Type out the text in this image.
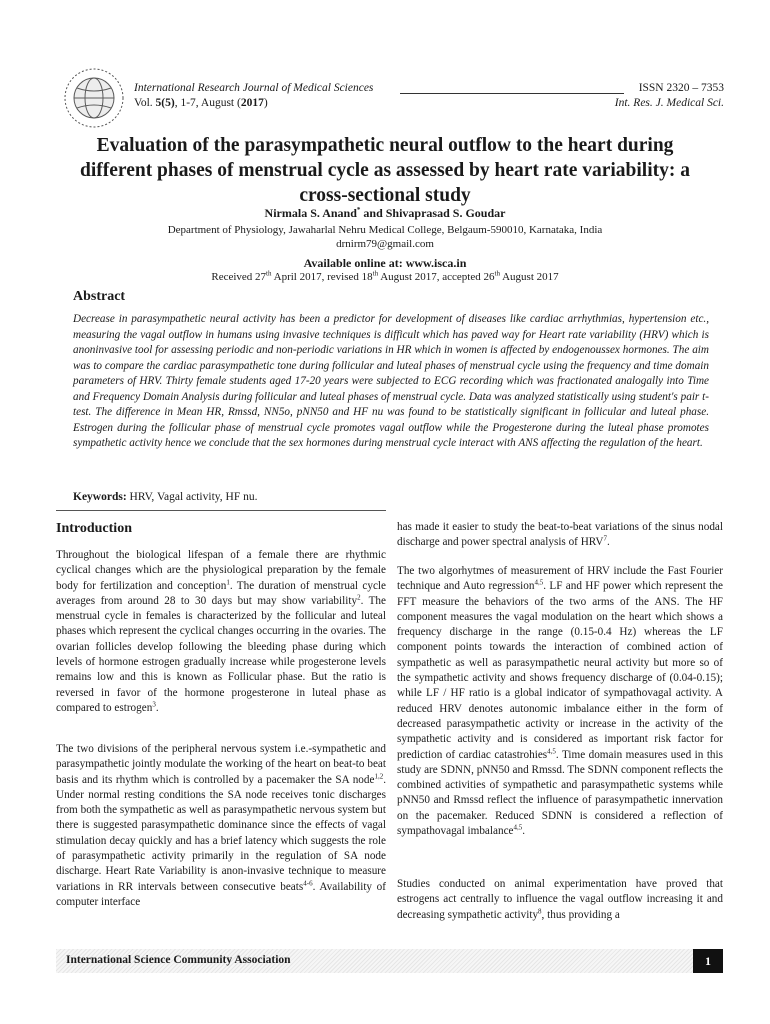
International Research Journal of Medical Sciences
Vol. 5(5), 1-7, August (2017)
ISSN 2320 – 7353
Int. Res. J. Medical Sci.
Evaluation of the parasympathetic neural outflow to the heart during different phases of menstrual cycle as assessed by heart rate variability: a cross-sectional study
Nirmala S. Anand* and Shivaprasad S. Goudar
Department of Physiology, Jawaharlal Nehru Medical College, Belgaum-590010, Karnataka, India
drnirm79@gmail.com
Available online at: www.isca.in
Received 27th April 2017, revised 18th August 2017, accepted 26th August 2017
Abstract

Decrease in parasympathetic neural activity has been a predictor for development of diseases like cardiac arrhythmias, hypertension etc., measuring the vagal outflow in humans using invasive techniques is difficult which has paved way for Heart rate variability (HRV) which is anoninvasive tool for assessing periodic and non-periodic variations in HR which in women is affected by endogenoussex hormones. The aim was to compare the cardiac parasympathetic tone during follicular and luteal phases of menstrual cycle using the frequency and time domain parameters of HRV. Thirty female students aged 17-20 years were subjected to ECG recording which was fractionated analogally into Time and Frequency Domain Analysis during follicular and luteal phases of menstrual cycle. Data was analyzed statistically using student's pair t-test. The difference in Mean HR, Rmssd, NN5o, pNN50 and HF nu was found to be statistically significant in follicular and luteal phase. Estrogen during the follicular phase of menstrual cycle promotes vagal outflow while the Progesterone during the luteal phase promotes sympathetic activity hence we conclude that the sex hormones during menstrual cycle interact with ANS affecting the regulation of the heart.

Keywords: HRV, Vagal activity, HF nu.
Introduction

Throughout the biological lifespan of a female there are rhythmic cyclical changes which are the physiological preparation by the female body for fertilization and conception$^1$. The duration of menstrual cycle averages from around 28 to 30 days but may show variability$^2$. The menstrual cycle in females is characterized by the follicular and luteal phases which represent the cyclical changes occurring in the ovaries. The ovarian follicles develop following the bleeding phase during which levels of hormone estrogen gradually increase while progesterone levels remains low and this is known as Follicular phase. But the ratio is reversed in favor of the hormone progesterone in luteal phase as compared to estrogen$^3$.

The two divisions of the peripheral nervous system i.e.-sympathetic and parasympathetic jointly modulate the working of the heart on beat-to beat basis and its rhythm which is controlled by a pacemaker the SA node$^{1,2}$. Under normal resting conditions the SA node receives tonic discharges from both the sympathetic as well as parasympathetic nervous system but there is suggested parasympathetic dominance since the effects of vagal stimulation decay quickly and has a brief latency which suggests the role of parasympathetic activity primarily in the regulation of SA node discharge. Heart Rate Variability is anon-invasive technique to measure variations in RR intervals between consecutive beats$^{4-6}$. Availability of computer interface

has made it easier to study the beat-to-beat variations of the sinus nodal discharge and power spectral analysis of HRV$^7$.

The two algorhytmes of measurement of HRV include the Fast Fourier technique and Auto regression$^{4,5}$. LF and HF power which represent the FFT measure the behaviors of the two arms of the ANS. The HF component measures the vagal modulation on the heart which shows a frequency discharge in the range (0.15-0.4 Hz) whereas the LF component points towards the interaction of combined action of sympathetic as well as parasympathetic neural activity but more so of the sympathetic activity and shows frequency discharge of (0.04-0.15); while LF / HF ratio is a global indicator of sympathovagal activity. A reduced HRV denotes autonomic imbalance either in the form of decreased parasympathetic activity or increase in the activity of the sympathetic activity and is considered as important risk factor for prediction of cardiac catastrohies$^{4,5}$. Time domain measures used in this study are SDNN, pNN50 and Rmssd. The SDNN component reflects the combined activities of sympathetic and parasympathetic systems while pNN50 and Rmssd reflect the influence of parasympathetic innervation on the pacemaker. Reduced SDNN is considered a reflection of sympathovagal imbalance$^{4,5}$.

Studies conducted on animal experimentation have proved that estrogens act centrally to influence the vagal outflow increasing it and decreasing sympathetic activity$^8$, thus providing a

International Science Community Association	1
